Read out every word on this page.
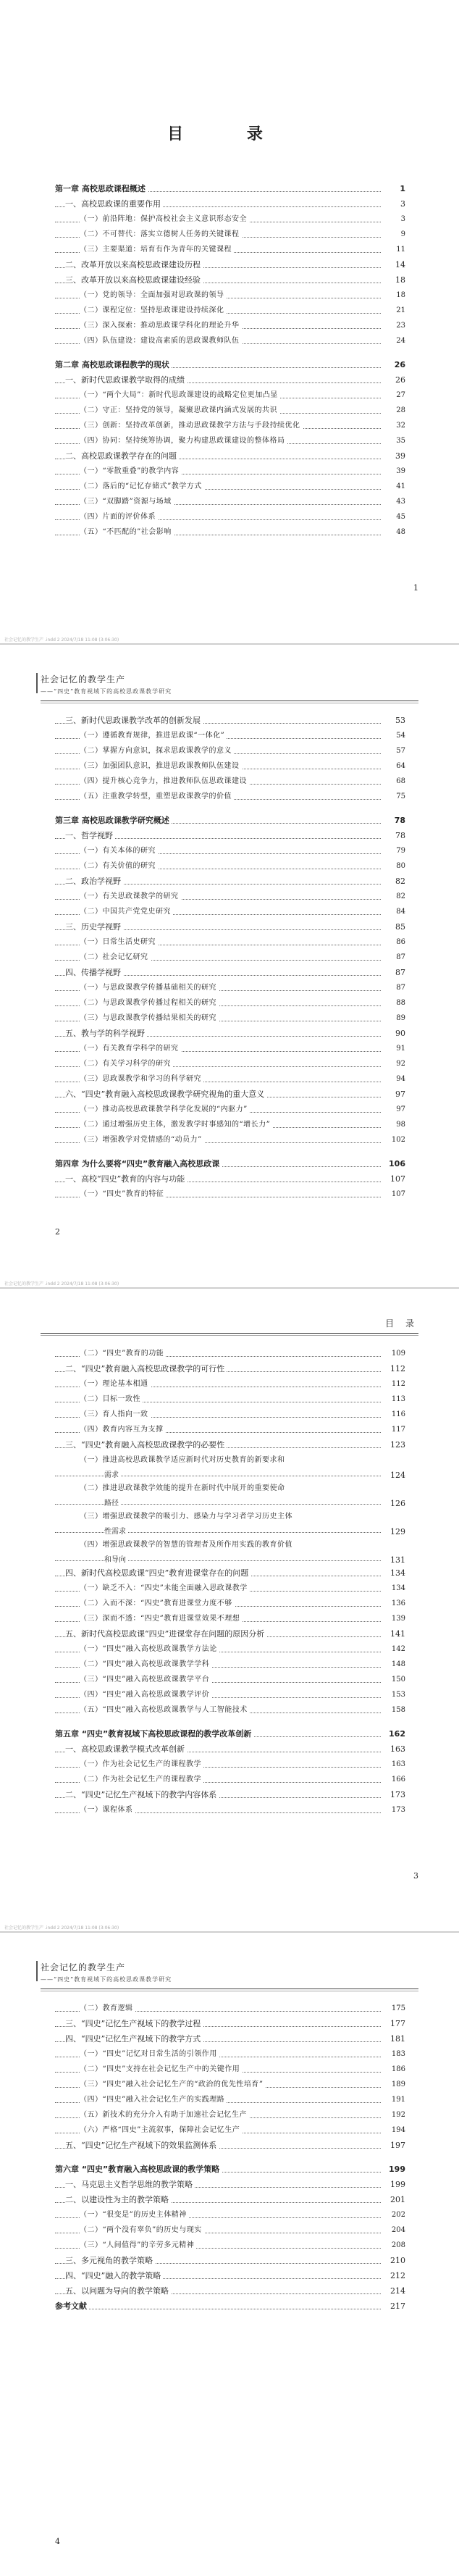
目 录
第一章 高校思政课程概述	1
一、高校思政课的重要作用	3
（一）前沿阵地：保护高校社会主义意识形态安全	3
（二）不可替代：落实立德树人任务的关键课程	9
（三）主要渠道：培育有作为青年的关键课程	11
二、改革开放以来高校思政课建设历程	14
三、改革开放以来高校思政课建设经验	18
（一）党的领导：全面加强对思政课的领导	18
（二）课程定位：坚持思政课建设持续深化	21
（三）深入探索：推动思政课学科化的理论升华	23
（四）队伍建设：建设高素质的思政课教师队伍	24
第二章 高校思政课程教学的现状	26
一、新时代思政课教学取得的成绩	26
（一）“两个大局”：新时代思政课建设的战略定位更加凸显	27
（二）守正：坚持党的领导，凝聚思政课内涵式发展的共识	28
（三）创新：坚持改革创新，推动思政课教学方法与手段持续优化	32
（四）协同：坚持统筹协调，聚力构建思政课建设的整体格局	35
二、高校思政课教学存在的问题	39
（一）“零散重叠”的教学内容	39
（二）落后的“记忆存储式”教学方式	41
（三）“双脚踏”资源与场域	43
（四）片面的评价体系	45
（五）“不匹配的”社会影响	48
1
社会记忆的教学生产 .indd 2 2024/7/18 11:08 (3:06:30)
社会记忆的教学生产
——“四史”教育视域下的高校思政课教学研究
三、新时代思政课教学改革的创新发展	53
（一）遵循教育规律，推进思政课“一体化”	54
（二）掌握方向意识，探求思政课教学的意义	57
（三）加强团队意识，推进思政课教师队伍建设	64
（四）提升核心竞争力，推进教师队伍思政课建设	68
（五）注重教学转型，重塑思政课教学的价值	75
第三章 高校思政课教学研究概述	78
一、哲学视野	78
（一）有关本体的研究	79
（二）有关价值的研究	80
二、政治学视野	82
（一）有关思政课教学的研究	82
（二）中国共产党党史研究	84
三、历史学视野	85
（一）日常生活史研究	86
（二）社会记忆研究	87
四、传播学视野	87
（一）与思政课教学传播基础相关的研究	87
（二）与思政课教学传播过程相关的研究	88
（三）与思政课教学传播结果相关的研究	89
五、教与学的科学视野	90
（一）有关教育学科学的研究	91
（二）有关学习科学的研究	92
（三）思政课教学和学习的科学研究	94
六、“四史”教育融入高校思政课教学研究视角的重大意义	97
（一）推动高校思政课教学科学化发展的“内驱力”	97
（二）通过增强历史主体，激发教学时事感知的“增长力”	98
（三）增强教学对党情感的“动员力”	102
第四章 为什么要将“四史”教育融入高校思政课	106
一、高校“四史”教育的内容与功能	107
（一）“四史”教育的特征	107
2
社会记忆的教学生产 .indd 2 2024/7/18 11:08 (3:06:30)
目 录
（二）“四史”教育的功能	109
二、“四史”教育融入高校思政课教学的可行性	112
（一）理论基本相通	112
（二）目标一致性	113
（三）育人指向一致	116
（四）教育内容互为支撑	117
三、“四史”教育融入高校思政课教学的必要性	123
（一）推进高校思政课教学适应新时代对历史教育的新要求和
需求	124
（二）推进思政课教学效能的提升在新时代中展开的重要使命
路径	126
（三）增强思政课教学的吸引力、感染力与学习者学习历史主体
性需求	129
（四）增强思政课教学的智慧的管理者及所作用实践的教育价值
和导向	131
四、新时代高校思政课“四史”教育进课堂存在的问题	134
（一）缺乏不入：“四史”未能全面融入思政课教学	134
（二）入而不深：“四史”教育进课堂力度不够	136
（三）深而不透：“四史”教育进课堂效果不理想	139
五、新时代高校思政课“四史”进课堂存在问题的原因分析	141
（一）“四史”融入高校思政课教学方法论	142
（二）“四史”融入高校思政课教学学科	148
（三）“四史”融入高校思政课教学平台	150
（四）“四史”融入高校思政课教学评价	153
（五）“四史”融入高校思政课教学与人工智能技术	158
第五章 “四史”教育视域下高校思政课程的教学改革创新	162
一、高校思政课教学模式改革创新	163
（一）作为社会记忆生产的课程教学	163
（二）作为社会记忆生产的课程教学	166
二、“四史”记忆生产视域下的教学内容体系	173
（一）课程体系	173
3
社会记忆的教学生产 .indd 2 2024/7/18 11:08 (3:06:30)
社会记忆的教学生产
——“四史”教育视域下的高校思政课教学研究
（二）教育逻辑	175
三、“四史”记忆生产视域下的教学过程	177
四、“四史”记忆生产视域下的教学方式	181
（一）“四史”记忆对日常生活的引领作用	183
（二）“四史”支持在社会记忆生产中的关键作用	186
（三）“四史”融入社会记忆生产的“政治的优先性培育”	189
（四）“四史”融入社会记忆生产的实践理路	191
（五）新技术的充分介入有助于加速社会记忆生产	192
（六）严格“四史”主流叙事，保障社会记忆生产	194
五、“四史”记忆生产视域下的效果监测体系	197
第六章 “四史”教育融入高校思政课的教学策略	199
一、马克思主义哲学思维的教学策略	199
二、以建设性为主的教学策略	201
（一）“很变是”的历史主体精神	202
（二）“两个没有辜负”的历史与现实	204
（三）“人间值得”的辛劳多元精神	208
三、多元视角的教学策略	210
四、“四史”融入的教学策略	212
五、以问题为导向的教学策略	214
参考文献	217
4
